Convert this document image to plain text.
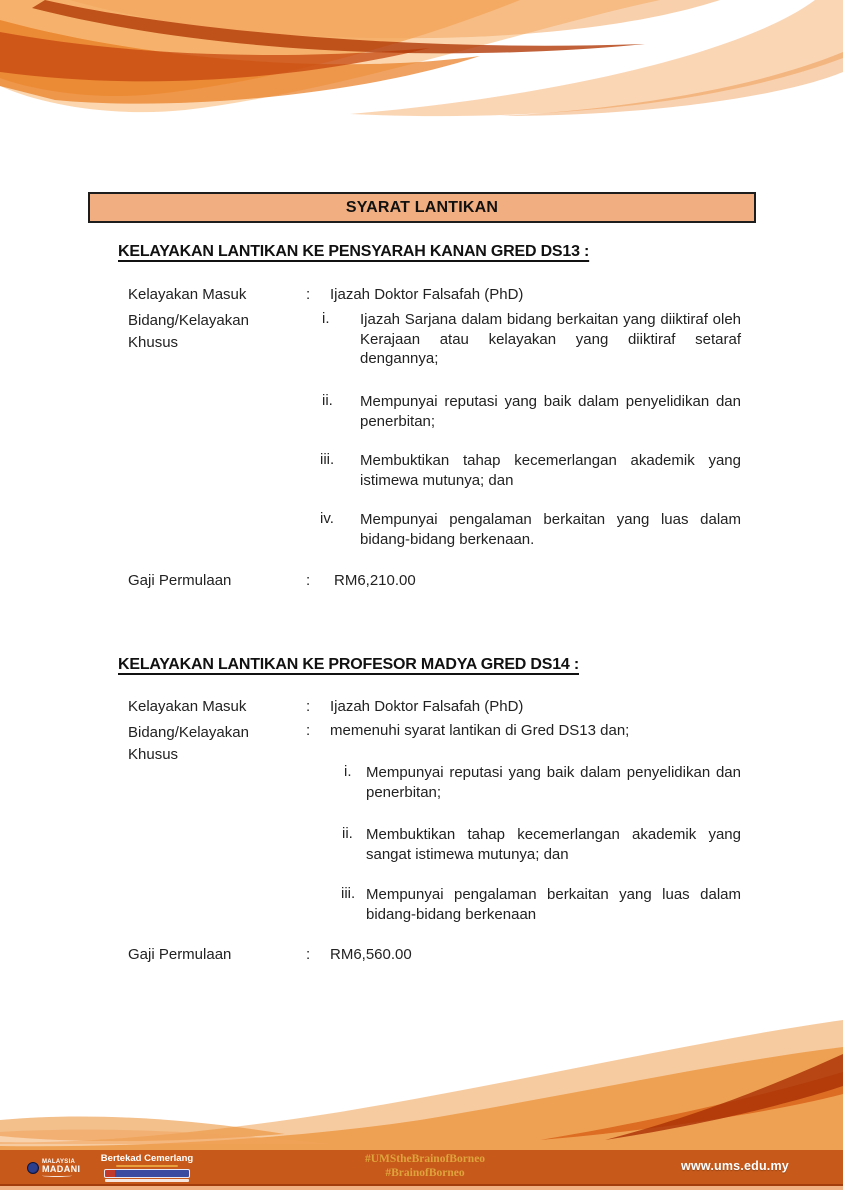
SYARAT LANTIKAN
KELAYAKAN LANTIKAN KE PENSYARAH KANAN GRED DS13 :
Kelayakan Masuk	: Ijazah Doktor Falsafah (PhD)
Bidang/Kelayakan
Khusus
i. Ijazah Sarjana dalam bidang berkaitan yang diiktiraf oleh Kerajaan atau kelayakan yang diiktiraf setaraf dengannya;
ii. Mempunyai reputasi yang baik dalam penyelidikan dan penerbitan;
iii. Membuktikan tahap kecemerlangan akademik yang istimewa mutunya; dan
iv. Mempunyai pengalaman berkaitan yang luas dalam bidang-bidang berkenaan.
Gaji Permulaan	: RM6,210.00
KELAYAKAN LANTIKAN KE PROFESOR MADYA GRED DS14 :
Kelayakan Masuk	: Ijazah Doktor Falsafah (PhD)
Bidang/Kelayakan
Khusus
: memenuhi syarat lantikan di Gred DS13 dan;
i. Mempunyai reputasi yang baik dalam penyelidikan dan penerbitan;
ii. Membuktikan tahap kecemerlangan akademik yang sangat istimewa mutunya; dan
iii. Mempunyai pengalaman berkaitan yang luas dalam bidang-bidang berkenaan
Gaji Permulaan	: RM6,560.00
MALAYSIA
MADANI
Bertekad Cemerlang	#UMStheBrainofBorneo
#BrainofBorneo	www.ums.edu.my
